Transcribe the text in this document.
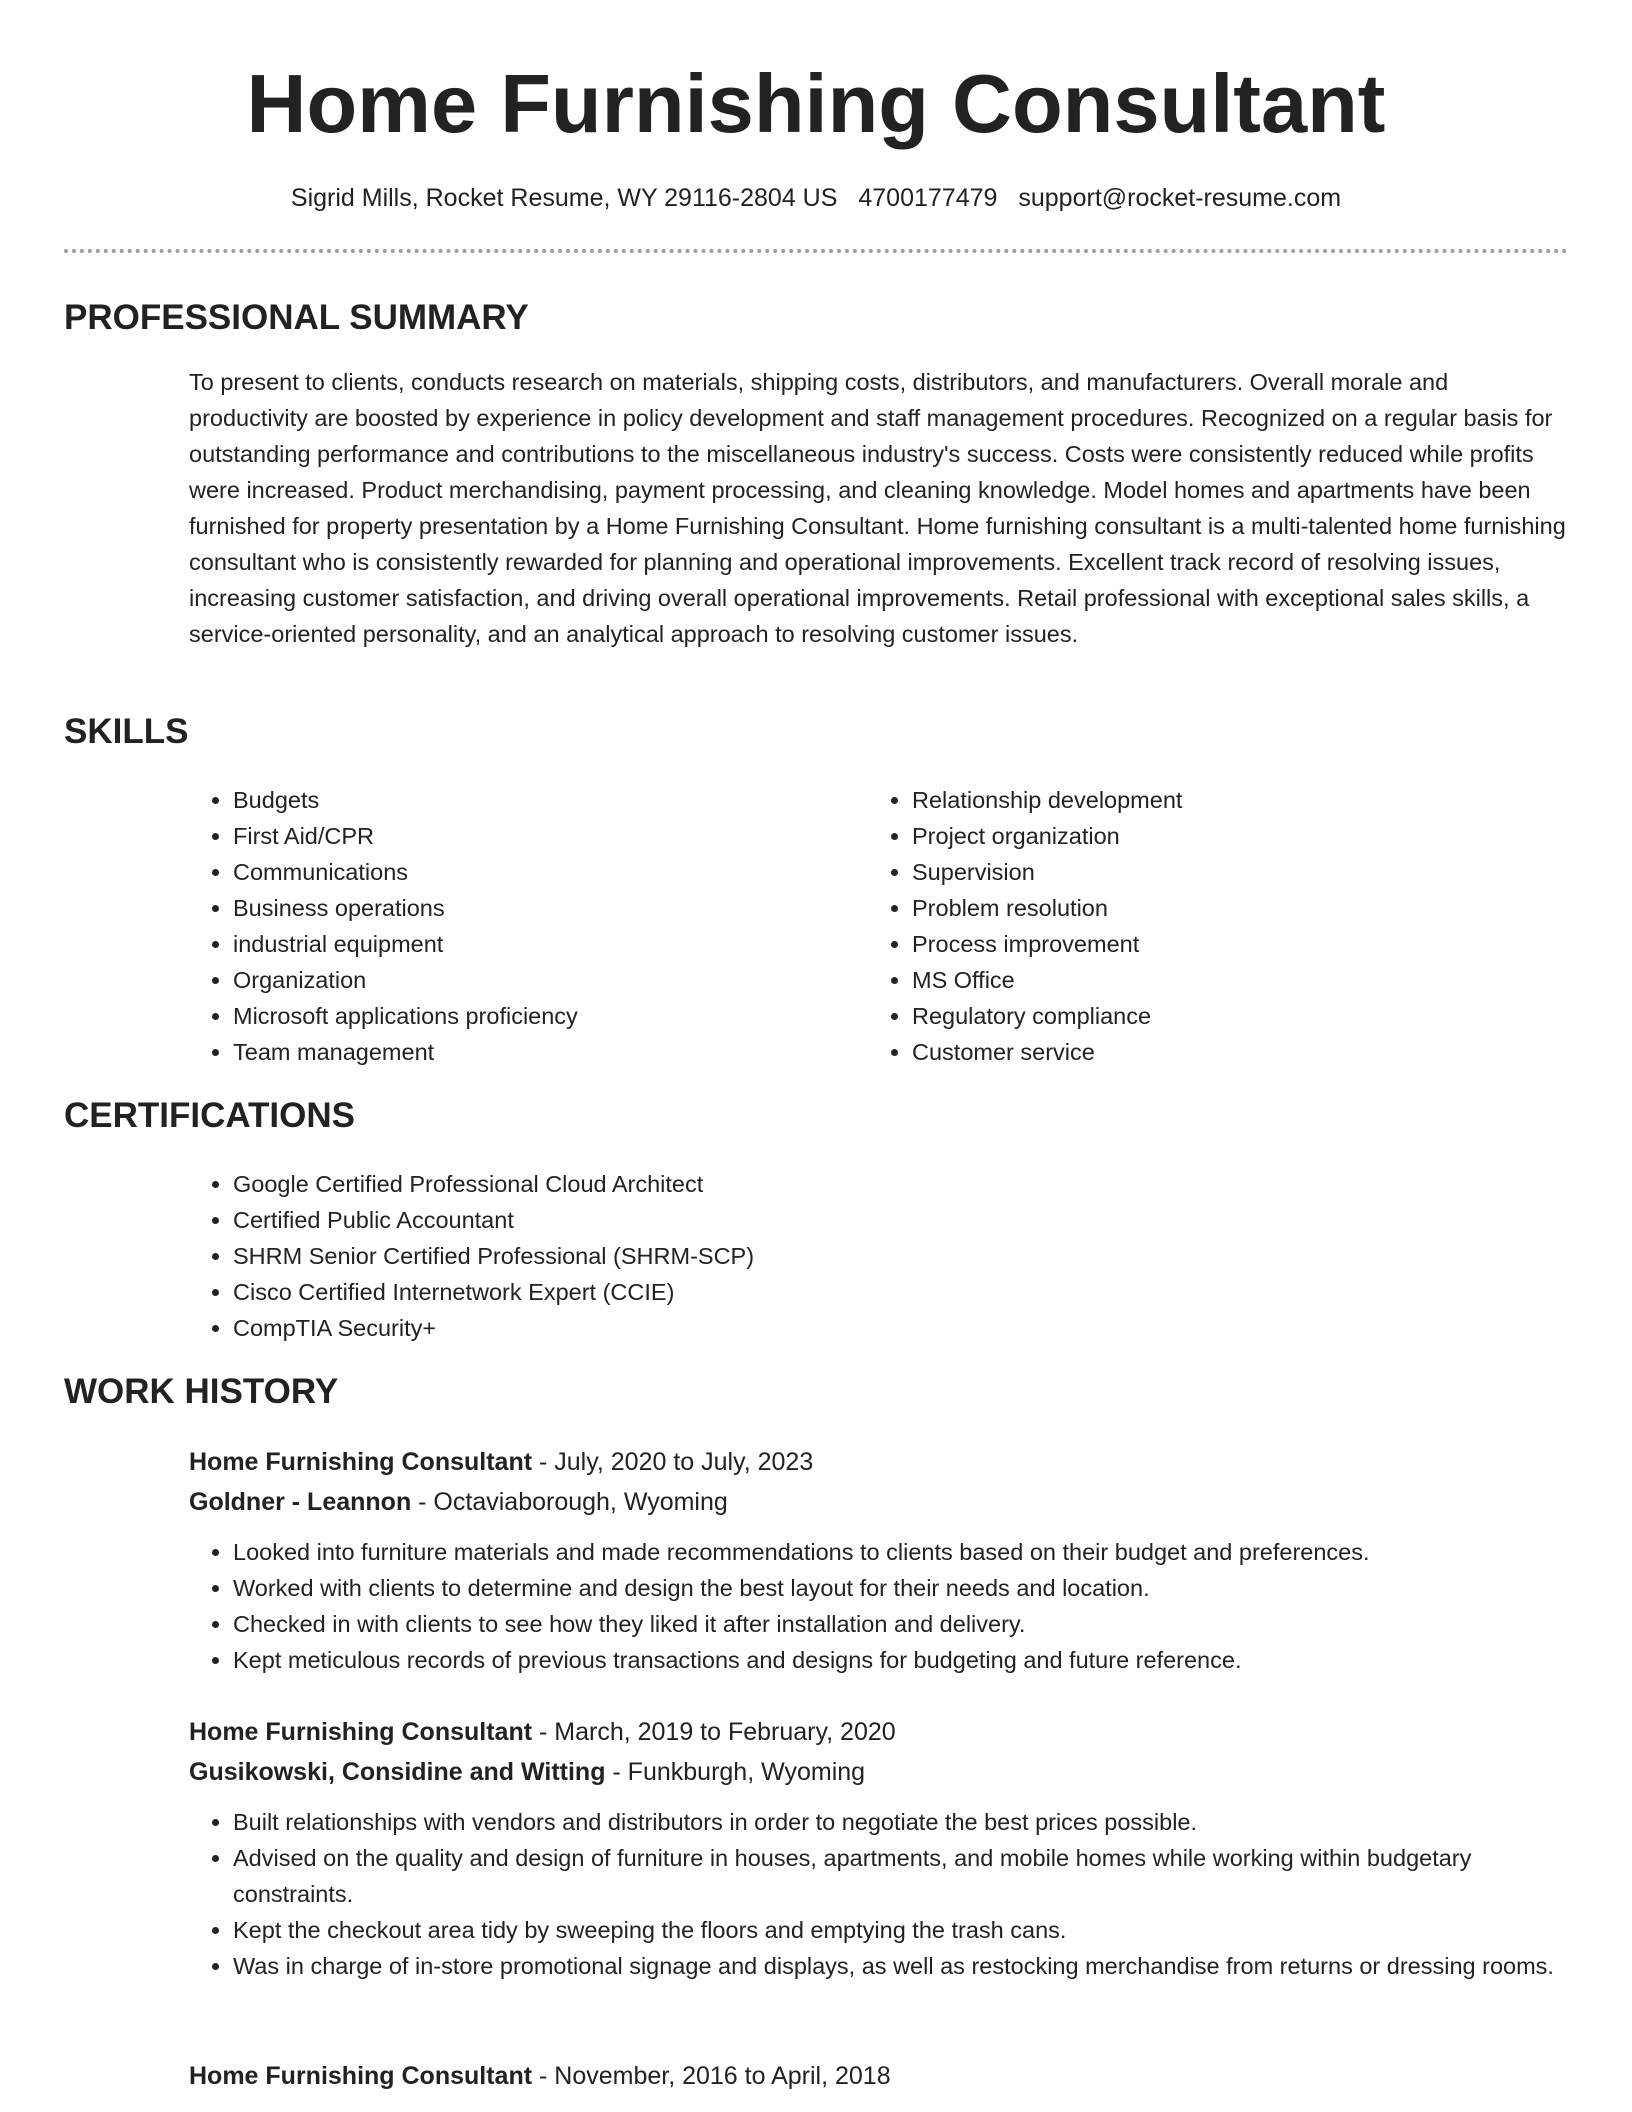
Home Furnishing Consultant
Sigrid Mills, Rocket Resume, WY 29116-2804 US 4700177479 support@rocket-resume.com
PROFESSIONAL SUMMARY

To present to clients, conducts research on materials, shipping costs, distributors, and manufacturers. Overall morale and productivity are boosted by experience in policy development and staff management procedures. Recognized on a regular basis for outstanding performance and contributions to the miscellaneous industry's success. Costs were consistently reduced while profits were increased. Product merchandising, payment processing, and cleaning knowledge. Model homes and apartments have been furnished for property presentation by a Home Furnishing Consultant. Home furnishing consultant is a multi-talented home furnishing consultant who is consistently rewarded for planning and operational improvements. Excellent track record of resolving issues, increasing customer satisfaction, and driving overall operational improvements. Retail professional with exceptional sales skills, a service-oriented personality, and an analytical approach to resolving customer issues.

SKILLS
• Budgets
• First Aid/CPR
• Communications
• Business operations
• industrial equipment
• Organization
• Microsoft applications proficiency
• Team management
• Relationship development
• Project organization
• Supervision
• Problem resolution
• Process improvement
• MS Office
• Regulatory compliance
• Customer service
CERTIFICATIONS
• Google Certified Professional Cloud Architect
• Certified Public Accountant
• SHRM Senior Certified Professional (SHRM-SCP)
• Cisco Certified Internetwork Expert (CCIE)
• CompTIA Security+
WORK HISTORY
Home Furnishing Consultant - July, 2020 to July, 2023
Goldner - Leannon - Octaviaborough, Wyoming
• Looked into furniture materials and made recommendations to clients based on their budget and preferences.
• Worked with clients to determine and design the best layout for their needs and location.
• Checked in with clients to see how they liked it after installation and delivery.
• Kept meticulous records of previous transactions and designs for budgeting and future reference.
Home Furnishing Consultant - March, 2019 to February, 2020
Gusikowski, Considine and Witting - Funkburgh, Wyoming
• Built relationships with vendors and distributors in order to negotiate the best prices possible.
• Advised on the quality and design of furniture in houses, apartments, and mobile homes while working within budgetary constraints.
• Kept the checkout area tidy by sweeping the floors and emptying the trash cans.
• Was in charge of in-store promotional signage and displays, as well as restocking merchandise from returns or dressing rooms.
Home Furnishing Consultant - November, 2016 to April, 2018
